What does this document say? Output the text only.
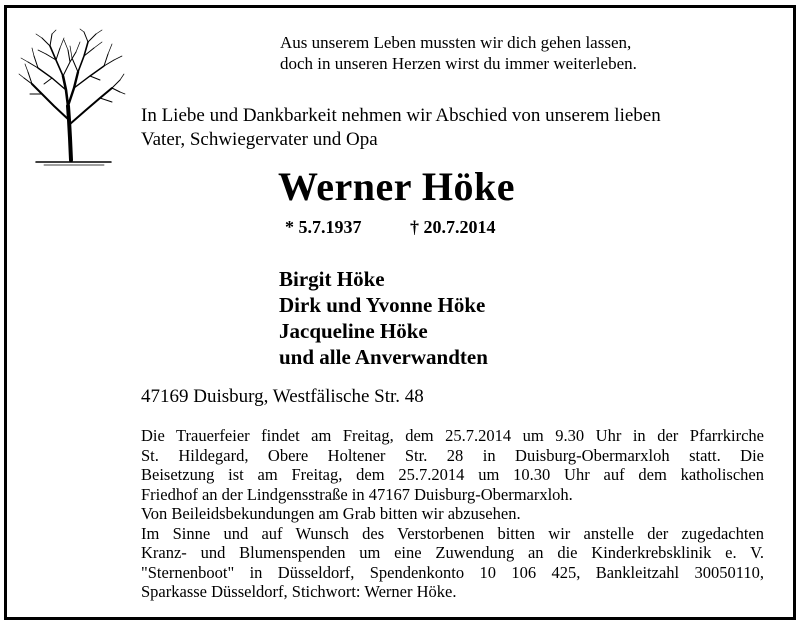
Aus unserem Leben mussten wir dich gehen lassen,
doch in unseren Herzen wirst du immer weiterleben.
In Liebe und Dankbarkeit nehmen wir Abschied von unserem lieben
Vater, Schwiegervater und Opa
Werner Höke
* 5.7.1937	† 20.7.2014
Birgit Höke
Dirk und Yvonne Höke
Jacqueline Höke
und alle Anverwandten
47169 Duisburg, Westfälische Str. 48
Die Trauerfeier findet am Freitag, dem 25.7.2014 um 9.30 Uhr in der Pfarrkirche
St. Hildegard, Obere Holtener Str. 28 in Duisburg-Obermarxloh statt. Die
Beisetzung ist am Freitag, dem 25.7.2014 um 10.30 Uhr auf dem katholischen
Friedhof an der Lindgensstraße in 47167 Duisburg-Obermarxloh.
Von Beileidsbekundungen am Grab bitten wir abzusehen.
Im Sinne und auf Wunsch des Verstorbenen bitten wir anstelle der zugedachten
Kranz- und Blumenspenden um eine Zuwendung an die Kinderkrebsklinik e. V.
"Sternenboot" in Düsseldorf, Spendenkonto 10 106 425, Bankleitzahl 30050110,
Sparkasse Düsseldorf, Stichwort: Werner Höke.
